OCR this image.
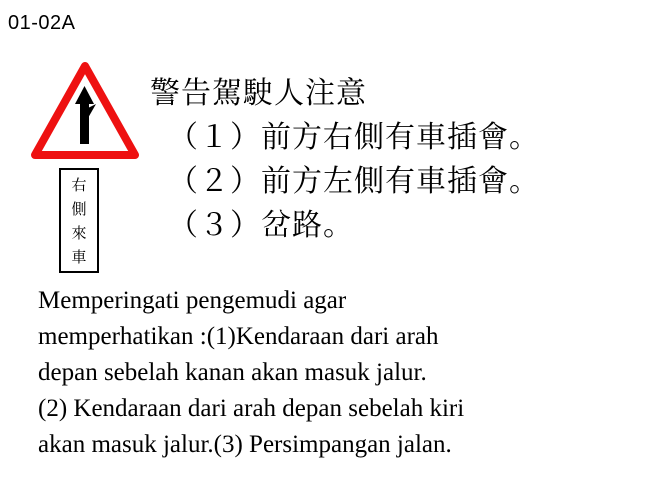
01-02A
右
側
來
車
警告駕駛人注意
（１）前方右側有車插會。
（２）前方左側有車插會。
（３）岔路。
Memperingati pengemudi agar
memperhatikan :(1)Kendaraan dari arah
depan sebelah kanan akan masuk jalur.
(2) Kendaraan dari arah depan sebelah kiri
akan masuk jalur.(3) Persimpangan jalan.
